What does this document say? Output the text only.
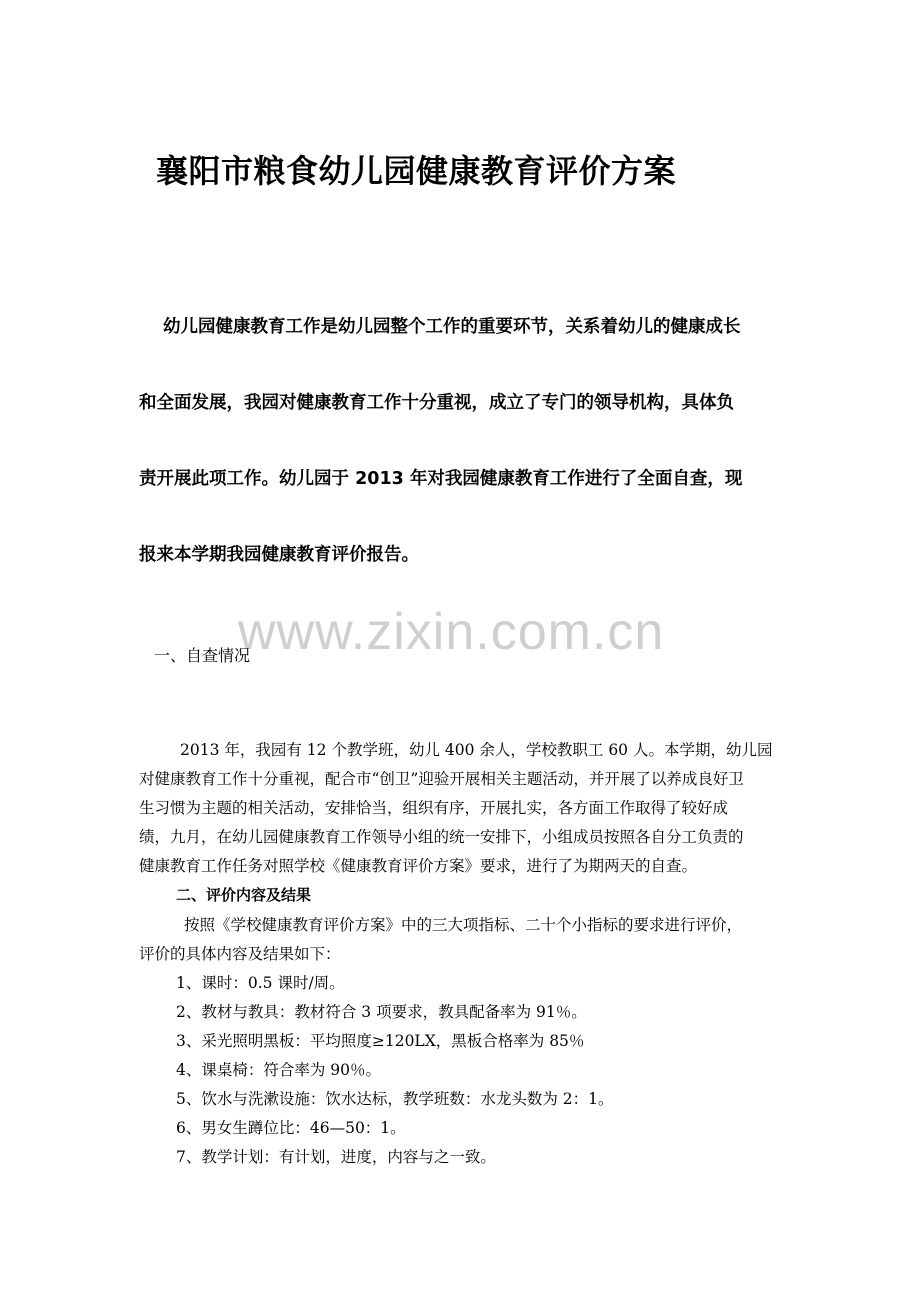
襄阳市粮食幼儿园健康教育评价方案
幼儿园健康教育工作是幼儿园整个工作的重要环节，关系着幼儿的健康成长
和全面发展，我园对健康教育工作十分重视，成立了专门的领导机构，具体负
责开展此项工作。幼儿园于 2013 年对我园健康教育工作进行了全面自查，现
报来本学期我园健康教育评价报告。
www.zixin.com.cn
一、自查情况
2013 年，我园有 12 个教学班，幼儿 400 余人，学校教职工 60 人。本学期，幼儿园
对健康教育工作十分重视，配合市“创卫”迎验开展相关主题活动，并开展了以养成良好卫
生习惯为主题的相关活动，安排恰当，组织有序，开展扎实，各方面工作取得了较好成
绩，九月，在幼儿园健康教育工作领导小组的统一安排下，小组成员按照各自分工负责的
健康教育工作任务对照学校《健康教育评价方案》要求，进行了为期两天的自查。
二、评价内容及结果
按照《学校健康教育评价方案》中的三大项指标、二十个小指标的要求进行评价，
评价的具体内容及结果如下：
1、课时：0.5 课时/周。
2、教材与教具：教材符合 3 项要求，教具配备率为 91％。
3、采光照明黑板：平均照度≥120LX，黑板合格率为 85％
4、课桌椅：符合率为 90％。
5、饮水与洗漱设施：饮水达标，教学班数：水龙头数为 2：1。
6、男女生蹲位比：46—50：1。
7、教学计划：有计划，进度，内容与之一致。
